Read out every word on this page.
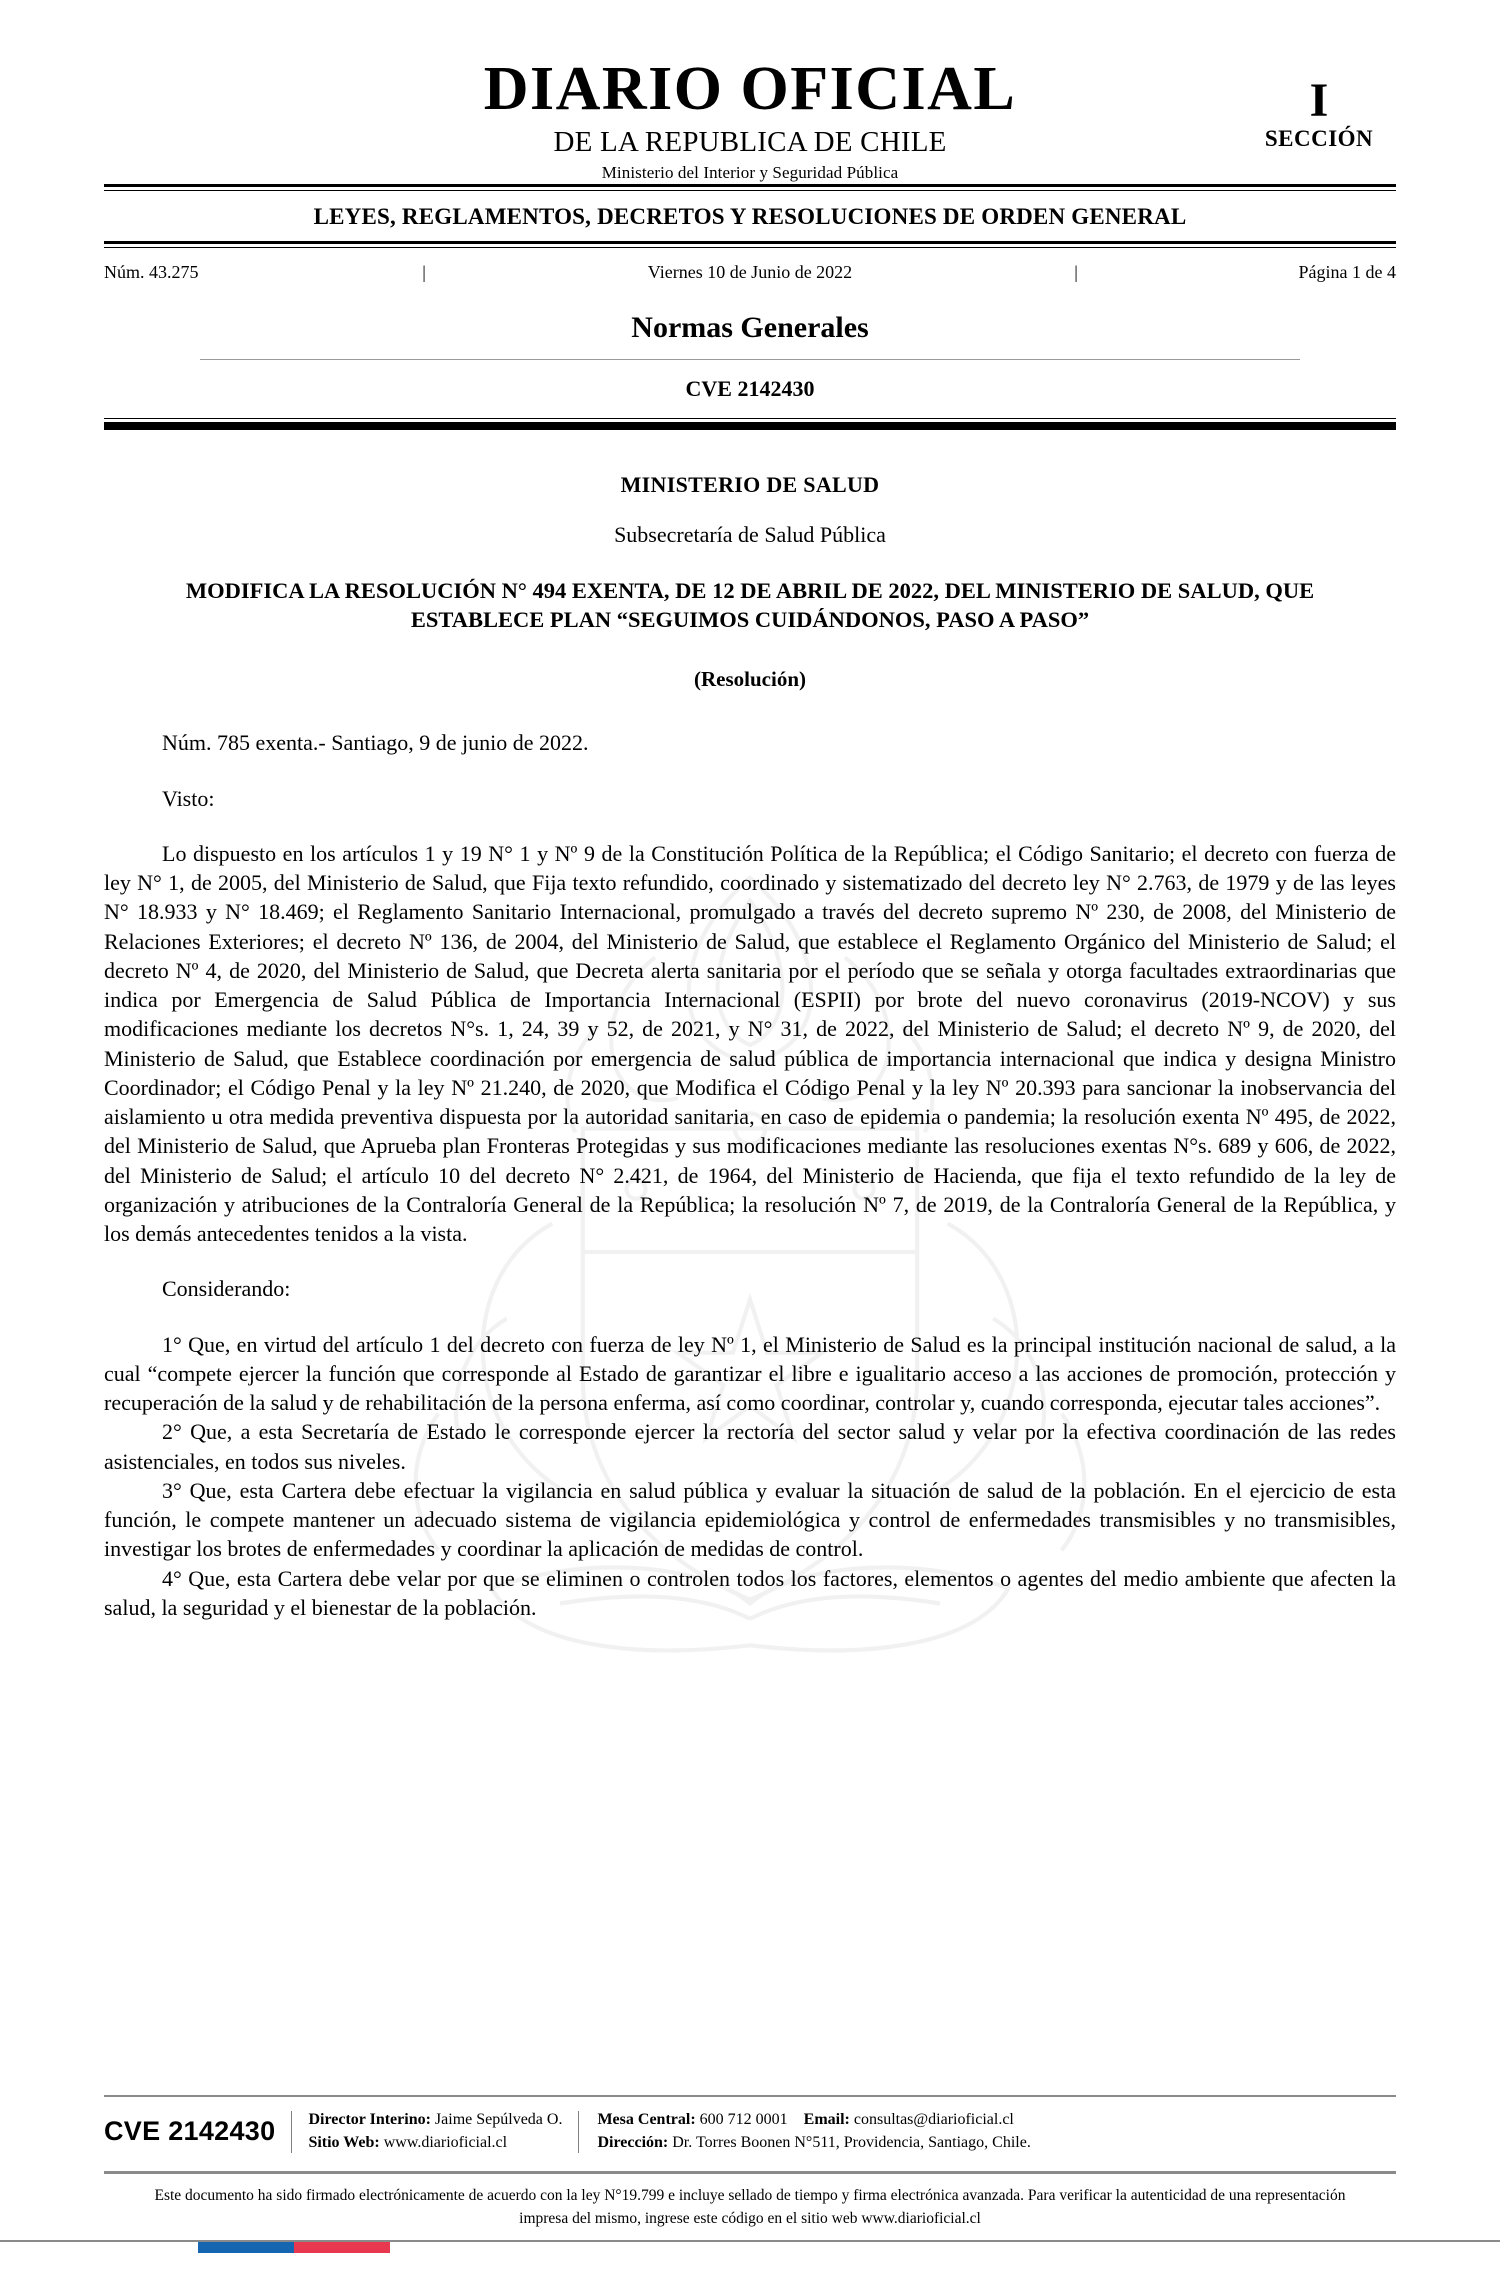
DIARIO OFICIAL
DE LA REPUBLICA DE CHILE
Ministerio del Interior y Seguridad Pública
I
SECCIÓN
LEYES, REGLAMENTOS, DECRETOS Y RESOLUCIONES DE ORDEN GENERAL
Núm. 43.275	|	Viernes 10 de Junio de 2022	|	Página 1 de 4
Normas Generales
CVE 2142430
MINISTERIO DE SALUD
Subsecretaría de Salud Pública
MODIFICA LA RESOLUCIÓN N° 494 EXENTA, DE 12 DE ABRIL DE 2022, DEL MINISTERIO DE SALUD, QUE ESTABLECE PLAN “SEGUIMOS CUIDÁNDONOS, PASO A PASO”
(Resolución)

Núm. 785 exenta.- Santiago, 9 de junio de 2022.

Visto:

Lo dispuesto en los artículos 1 y 19 N° 1 y Nº 9 de la Constitución Política de la República; el Código Sanitario; el decreto con fuerza de ley N° 1, de 2005, del Ministerio de Salud, que Fija texto refundido, coordinado y sistematizado del decreto ley N° 2.763, de 1979 y de las leyes N° 18.933 y N° 18.469; el Reglamento Sanitario Internacional, promulgado a través del decreto supremo Nº 230, de 2008, del Ministerio de Relaciones Exteriores; el decreto Nº 136, de 2004, del Ministerio de Salud, que establece el Reglamento Orgánico del Ministerio de Salud; el decreto Nº 4, de 2020, del Ministerio de Salud, que Decreta alerta sanitaria por el período que se señala y otorga facultades extraordinarias que indica por Emergencia de Salud Pública de Importancia Internacional (ESPII) por brote del nuevo coronavirus (2019-NCOV) y sus modificaciones mediante los decretos N°s. 1, 24, 39 y 52, de 2021, y N° 31, de 2022, del Ministerio de Salud; el decreto Nº 9, de 2020, del Ministerio de Salud, que Establece coordinación por emergencia de salud pública de importancia internacional que indica y designa Ministro Coordinador; el Código Penal y la ley Nº 21.240, de 2020, que Modifica el Código Penal y la ley Nº 20.393 para sancionar la inobservancia del aislamiento u otra medida preventiva dispuesta por la autoridad sanitaria, en caso de epidemia o pandemia; la resolución exenta Nº 495, de 2022, del Ministerio de Salud, que Aprueba plan Fronteras Protegidas y sus modificaciones mediante las resoluciones exentas N°s. 689 y 606, de 2022, del Ministerio de Salud; el artículo 10 del decreto N° 2.421, de 1964, del Ministerio de Hacienda, que fija el texto refundido de la ley de organización y atribuciones de la Contraloría General de la República; la resolución Nº 7, de 2019, de la Contraloría General de la República, y los demás antecedentes tenidos a la vista.

Considerando:

1° Que, en virtud del artículo 1 del decreto con fuerza de ley Nº 1, el Ministerio de Salud es la principal institución nacional de salud, a la cual “compete ejercer la función que corresponde al Estado de garantizar el libre e igualitario acceso a las acciones de promoción, protección y recuperación de la salud y de rehabilitación de la persona enferma, así como coordinar, controlar y, cuando corresponda, ejecutar tales acciones”.

2° Que, a esta Secretaría de Estado le corresponde ejercer la rectoría del sector salud y velar por la efectiva coordinación de las redes asistenciales, en todos sus niveles.

3° Que, esta Cartera debe efectuar la vigilancia en salud pública y evaluar la situación de salud de la población. En el ejercicio de esta función, le compete mantener un adecuado sistema de vigilancia epidemiológica y control de enfermedades transmisibles y no transmisibles, investigar los brotes de enfermedades y coordinar la aplicación de medidas de control.

4° Que, esta Cartera debe velar por que se eliminen o controlen todos los factores, elementos o agentes del medio ambiente que afecten la salud, la seguridad y el bienestar de la población.

CVE 2142430	Director Interino: Jaime Sepúlveda O.
Sitio Web: www.diarioficial.cl
Mesa Central: 600 712 0001 Email: consultas@diarioficial.cl
Dirección: Dr. Torres Boonen N°511, Providencia, Santiago, Chile.
Este documento ha sido firmado electrónicamente de acuerdo con la ley N°19.799 e incluye sellado de tiempo y firma electrónica avanzada. Para verificar la autenticidad de una representación impresa del mismo, ingrese este código en el sitio web www.diarioficial.cl
